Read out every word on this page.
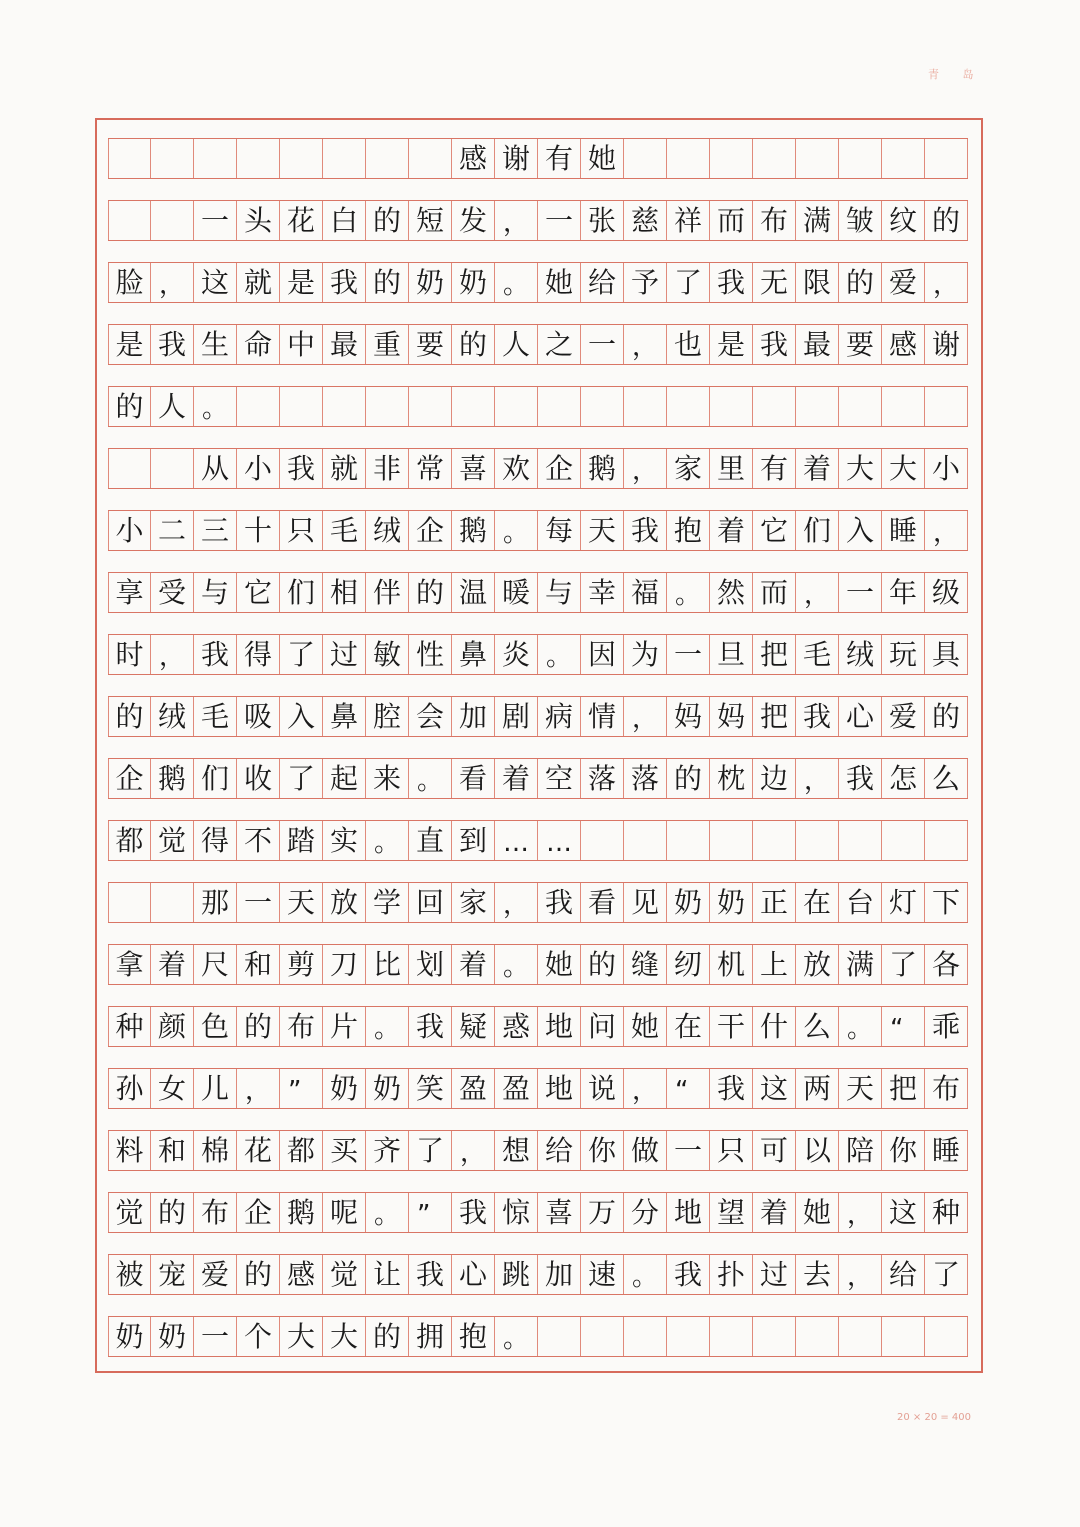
青 岛
感 谢 有 她
一 头 花 白 的 短 发 ， 一 张 慈 祥 而 布 满 皱 纹 的
脸 ， 这 就 是 我 的 奶 奶 。 她 给 予 了 我 无 限 的 爱 ，
是 我 生 命 中 最 重 要 的 人 之 一 ， 也 是 我 最 要 感 谢
的 人 。
从 小 我 就 非 常 喜 欢 企 鹅 ， 家 里 有 着 大 大 小
小 二 三 十 只 毛 绒 企 鹅 。 每 天 我 抱 着 它 们 入 睡 ，
享 受 与 它 们 相 伴 的 温 暖 与 幸 福 。 然 而 ， 一 年 级
时 ， 我 得 了 过 敏 性 鼻 炎 。 因 为 一 旦 把 毛 绒 玩 具
的 绒 毛 吸 入 鼻 腔 会 加 剧 病 情 ， 妈 妈 把 我 心 爱 的
企 鹅 们 收 了 起 来 。 看 着 空 落 落 的 枕 边 ， 我 怎 么
都 觉 得 不 踏 实 。 直 到 … …
那 一 天 放 学 回 家 ， 我 看 见 奶 奶 正 在 台 灯 下
拿 着 尺 和 剪 刀 比 划 着 。 她 的 缝 纫 机 上 放 满 了 各
种 颜 色 的 布 片 。 我 疑 惑 地 问 她 在 干 什 么 。 “	乖
孙 女 儿 ， ”	奶 奶 笑 盈 盈 地 说 ， “	我 这 两 天 把 布
料 和 棉 花 都 买 齐 了 ， 想 给 你 做 一 只 可 以 陪 你 睡
觉 的 布 企 鹅 呢 。 ”	我 惊 喜 万 分 地 望 着 她 ， 这 种
被 宠 爱 的 感 觉 让 我 心 跳 加 速 。 我 扑 过 去 ， 给 了
奶 奶 一 个 大 大 的 拥 抱 。
20 × 20 = 400
